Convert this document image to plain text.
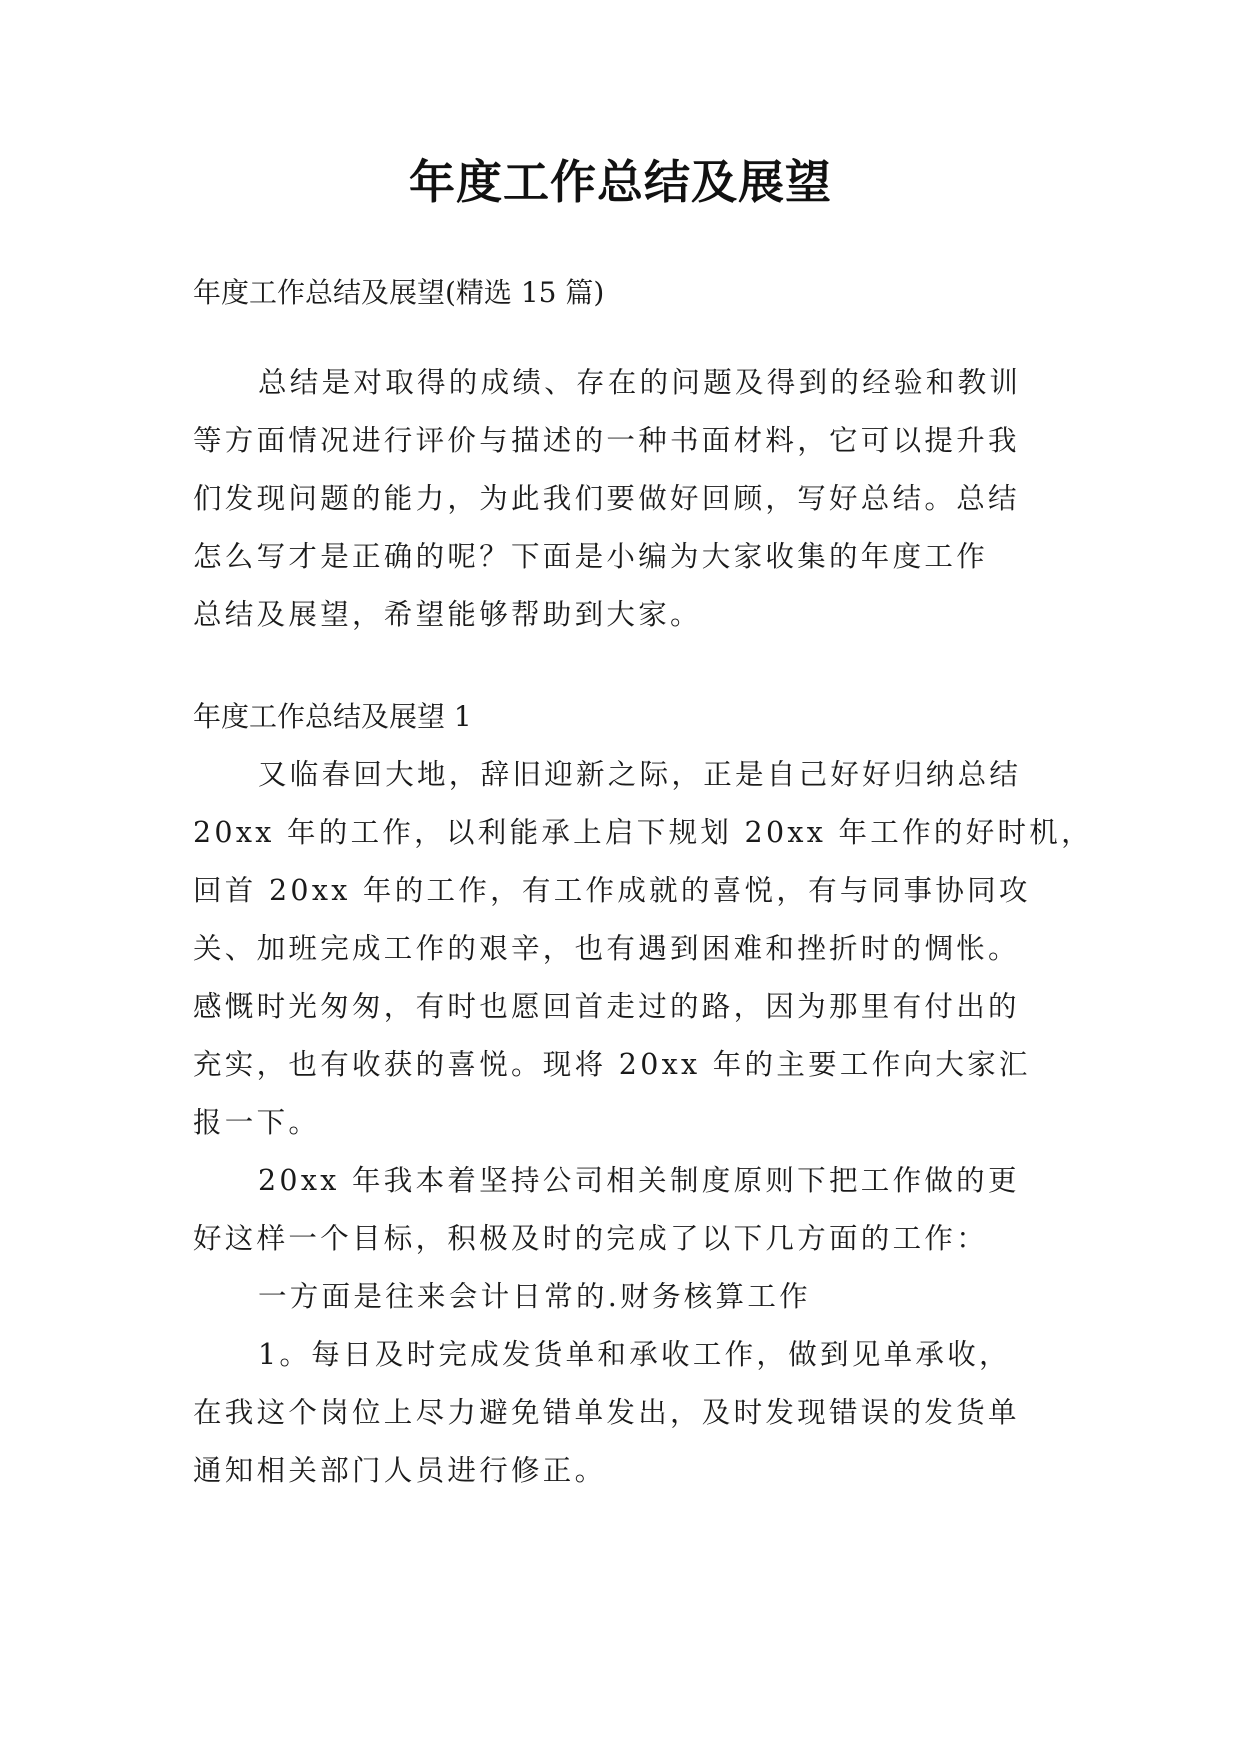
年度工作总结及展望
年度工作总结及展望(精选 15 篇)
总结是对取得的成绩、存在的问题及得到的经验和教训
等方面情况进行评价与描述的一种书面材料，它可以提升我
们发现问题的能力，为此我们要做好回顾，写好总结。总结
怎么写才是正确的呢？下面是小编为大家收集的年度工作
总结及展望，希望能够帮助到大家。
年度工作总结及展望 1
又临春回大地，辞旧迎新之际，正是自己好好归纳总结
20xx 年的工作，以利能承上启下规划 20xx 年工作的好时机，
回首 20xx 年的工作，有工作成就的喜悦，有与同事协同攻
关、加班完成工作的艰辛，也有遇到困难和挫折时的惆怅。
感慨时光匆匆，有时也愿回首走过的路，因为那里有付出的
充实，也有收获的喜悦。现将 20xx 年的主要工作向大家汇
报一下。
20xx 年我本着坚持公司相关制度原则下把工作做的更
好这样一个目标，积极及时的完成了以下几方面的工作：
一方面是往来会计日常的.财务核算工作
1。每日及时完成发货单和承收工作，做到见单承收，
在我这个岗位上尽力避免错单发出，及时发现错误的发货单
通知相关部门人员进行修正。
